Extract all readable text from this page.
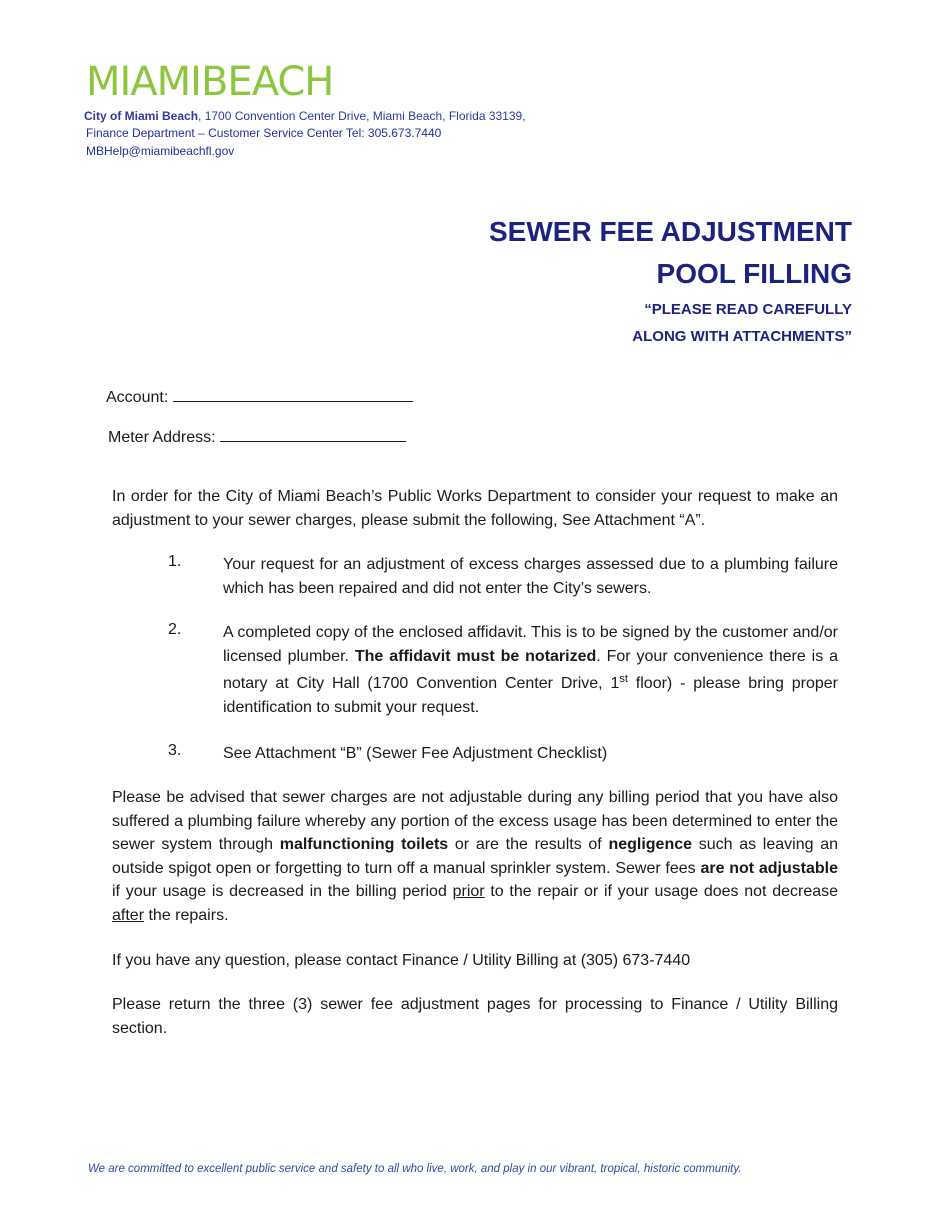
MIAMIBEACH
City of Miami Beach, 1700 Convention Center Drive, Miami Beach, Florida 33139,
Finance Department – Customer Service Center Tel: 305.673.7440
MBHelp@miamibeachfl.gov
SEWER FEE ADJUSTMENT
POOL FILLING
“PLEASE READ CAREFULLY
ALONG WITH ATTACHMENTS”
Account:
Meter Address:
In order for the City of Miami Beach’s Public Works Department to consider your request to make an adjustment to your sewer charges, please submit the following, See Attachment “A”.
1.	Your request for an adjustment of excess charges assessed due to a plumbing failure which has been repaired and did not enter the City’s sewers.
2.	A completed copy of the enclosed affidavit. This is to be signed by the customer and/or licensed plumber. The affidavit must be notarized. For your convenience there is a notary at City Hall (1700 Convention Center Drive, 1st floor) - please bring proper identification to submit your request.
3.	See Attachment “B” (Sewer Fee Adjustment Checklist)
Please be advised that sewer charges are not adjustable during any billing period that you have also suffered a plumbing failure whereby any portion of the excess usage has been determined to enter the sewer system through malfunctioning toilets or are the results of negligence such as leaving an outside spigot open or forgetting to turn off a manual sprinkler system. Sewer fees are not adjustable if your usage is decreased in the billing period prior to the repair or if your usage does not decrease after the repairs.
If you have any question, please contact Finance / Utility Billing at (305) 673-7440
Please return the three (3) sewer fee adjustment pages for processing to Finance / Utility Billing section.
We are committed to excellent public service and safety to all who live, work, and play in our vibrant, tropical, historic community.
